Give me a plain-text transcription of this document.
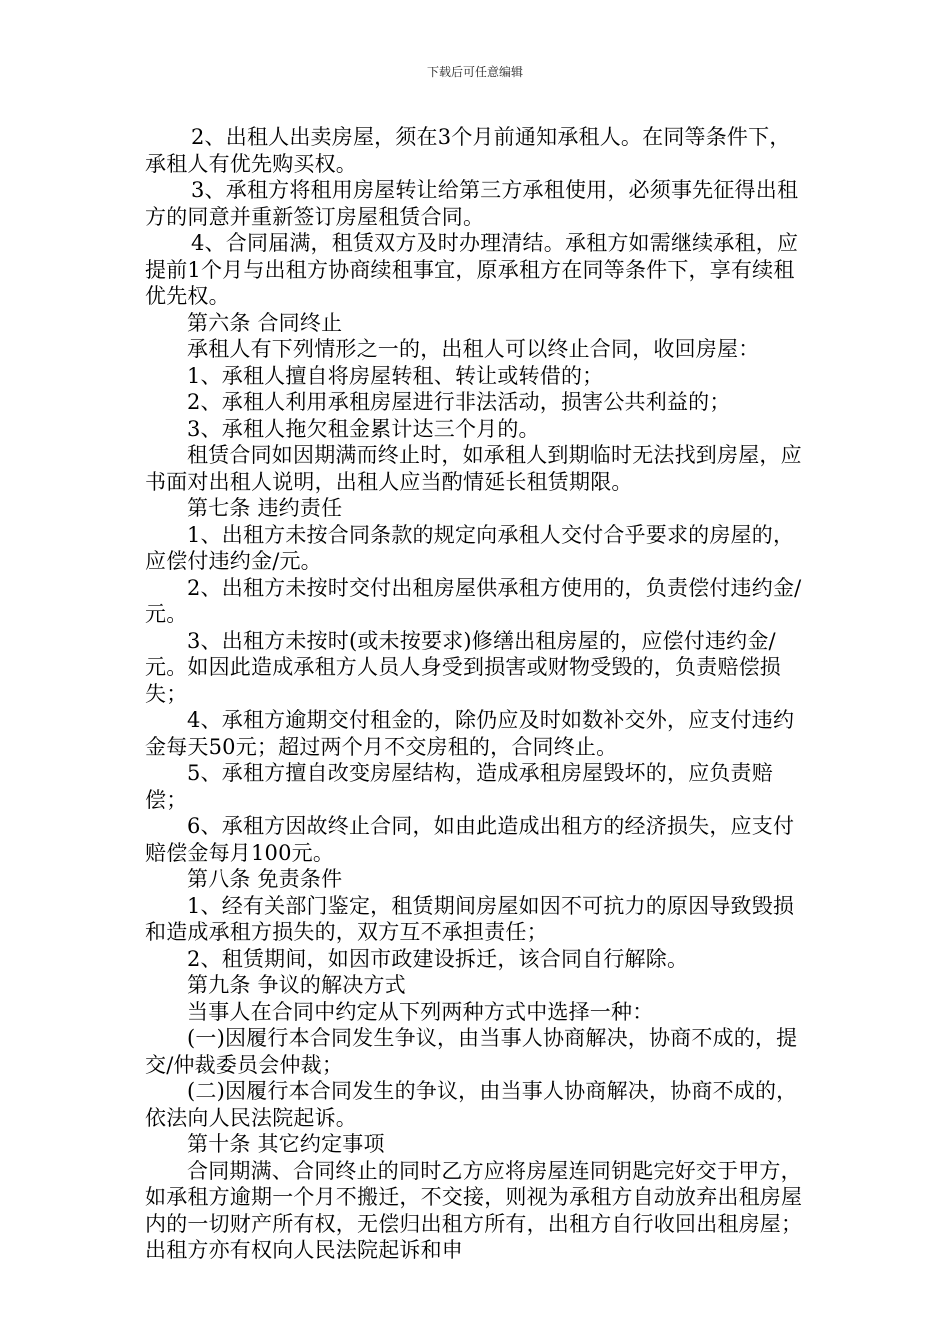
下载后可任意编辑

2、出租人出卖房屋，须在3个月前通知承租人。在同等条件下，承租人有优先购买权。

3、承租方将租用房屋转让给第三方承租使用，必须事先征得出租方的同意并重新签订房屋租赁合同。

4、合同届满，租赁双方及时办理清结。承租方如需继续承租，应提前1个月与出租方协商续租事宜，原承租方在同等条件下，享有续租优先权。

第六条 合同终止

承租人有下列情形之一的，出租人可以终止合同，收回房屋：

1、承租人擅自将房屋转租、转让或转借的；

2、承租人利用承租房屋进行非法活动，损害公共利益的；

3、承租人拖欠租金累计达三个月的。

租赁合同如因期满而终止时，如承租人到期临时无法找到房屋，应书面对出租人说明，出租人应当酌情延长租赁期限。

第七条 违约责任

1、出租方未按合同条款的规定向承租人交付合乎要求的房屋的，应偿付违约金/元。

2、出租方未按时交付出租房屋供承租方使用的，负责偿付违约金/元。

3、出租方未按时(或未按要求)修缮出租房屋的，应偿付违约金/元。如因此造成承租方人员人身受到损害或财物受毁的，负责赔偿损失；

4、承租方逾期交付租金的，除仍应及时如数补交外，应支付违约金每天50元；超过两个月不交房租的，合同终止。

5、承租方擅自改变房屋结构，造成承租房屋毁坏的，应负责赔偿；

6、承租方因故终止合同，如由此造成出租方的经济损失，应支付赔偿金每月100元。

第八条 免责条件

1、经有关部门鉴定，租赁期间房屋如因不可抗力的原因导致毁损和造成承租方损失的，双方互不承担责任；

2、租赁期间，如因市政建设拆迁，该合同自行解除。

第九条 争议的解决方式

当事人在合同中约定从下列两种方式中选择一种：

(一)因履行本合同发生争议，由当事人协商解决，协商不成的，提交/仲裁委员会仲裁；

(二)因履行本合同发生的争议，由当事人协商解决，协商不成的，依法向人民法院起诉。

第十条 其它约定事项

合同期满、合同终止的同时乙方应将房屋连同钥匙完好交于甲方，如承租方逾期一个月不搬迁，不交接，则视为承租方自动放弃出租房屋内的一切财产所有权，无偿归出租方所有，出租方自行收回出租房屋；出租方亦有权向人民法院起诉和申
